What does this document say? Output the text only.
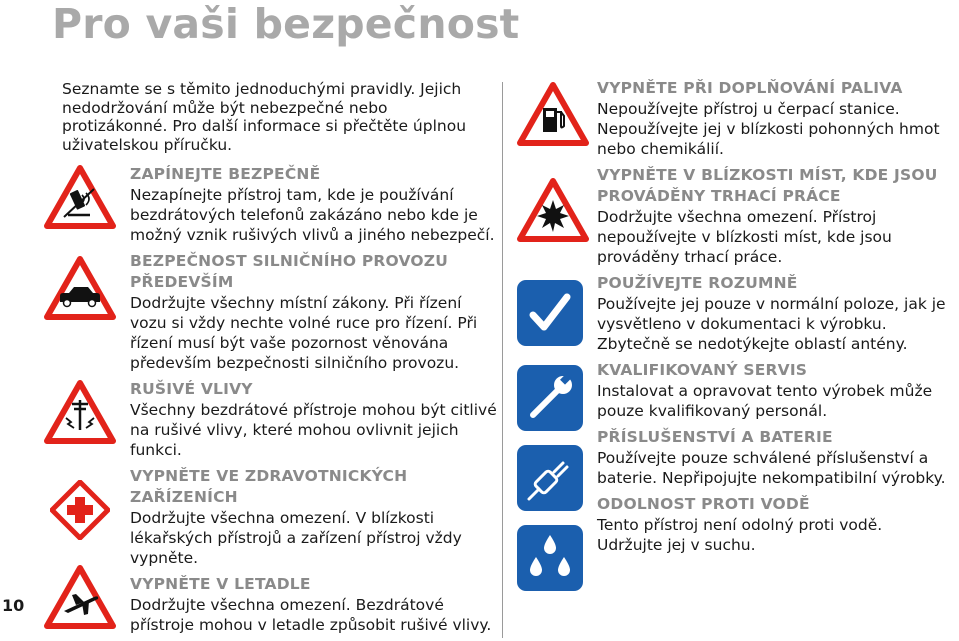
Pro vaši bezpečnost
Seznamte se s těmito jednoduchými pravidly. Jejich nedodržování může být nebezpečné nebo protizákonné. Pro další informace si přečtěte úplnou uživatelskou příručku.
10
ZAPÍNEJTE BEZPEČNĚ
Nezapínejte přístroj tam, kde je používání bezdrátových telefonů zakázáno nebo kde je možný vznik rušivých vlivů a jiného nebezpečí.
BEZPEČNOST SILNIČNÍHO PROVOZU PŘEDEVŠÍM
Dodržujte všechny místní zákony. Při řízení vozu si vždy nechte volné ruce pro řízení. Při řízení musí být vaše pozornost věnována především bezpečnosti silničního provozu.
RUŠIVÉ VLIVY
Všechny bezdrátové přístroje mohou být citlivé na rušivé vlivy, které mohou ovlivnit jejich funkci.
VYPNĚTE VE ZDRAVOTNICKÝCH ZAŘÍZENÍCH
Dodržujte všechna omezení. V blízkosti lékařských přístrojů a zařízení přístroj vždy vypněte.
VYPNĚTE V LETADLE
Dodržujte všechna omezení. Bezdrátové přístroje mohou v letadle způsobit rušivé vlivy.
VYPNĚTE PŘI DOPLŇOVÁNÍ PALIVA
Nepoužívejte přístroj u čerpací stanice. Nepoužívejte jej v blízkosti pohonných hmot nebo chemikálií.
VYPNĚTE V BLÍZKOSTI MÍST, KDE JSOU PROVÁDĚNY TRHACÍ PRÁCE
Dodržujte všechna omezení. Přístroj nepoužívejte v blízkosti míst, kde jsou prováděny trhací práce.
POUŽÍVEJTE ROZUMNĚ
Používejte jej pouze v normální poloze, jak je vysvětleno v dokumentaci k výrobku. Zbytečně se nedotýkejte oblastí antény.
KVALIFIKOVANÝ SERVIS
Instalovat a opravovat tento výrobek může pouze kvalifikovaný personál.
PŘÍSLUŠENSTVÍ A BATERIE
Používejte pouze schválené příslušenství a baterie. Nepřipojujte nekompatibilní výrobky.
ODOLNOST PROTI VODĚ
Tento přístroj není odolný proti vodě. Udržujte jej v suchu.
